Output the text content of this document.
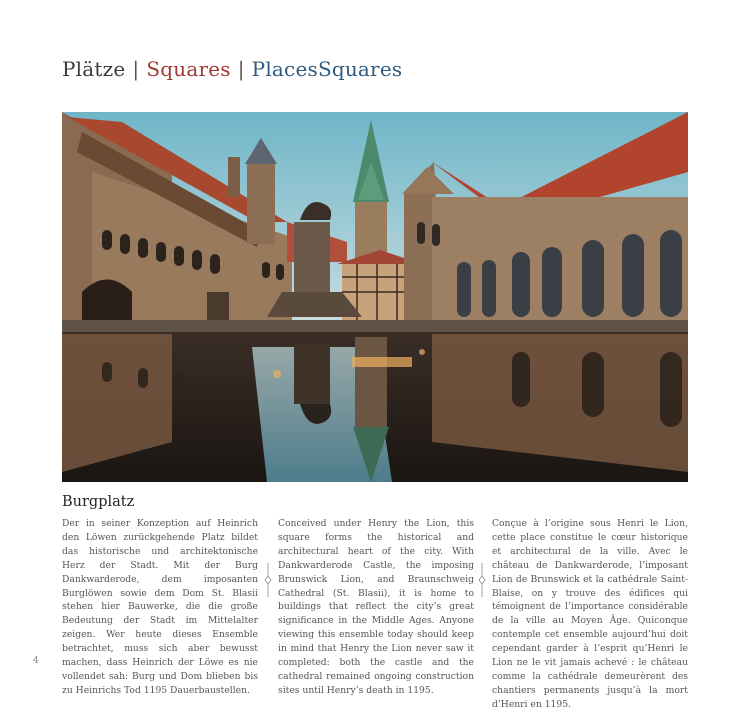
Plätze | Squares | PlacesSquares
Burgplatz

Der in seiner Konzeption auf Heinrich den Löwen zurückgehende Platz bildet das historische und architektonische Herz der Stadt. Mit der Burg Dankwarderode, dem imposanten Burglöwen sowie dem Dom St. Blasii stehen hier Bauwerke, die die große Bedeutung der Stadt im Mittelalter zeigen. Wer heute dieses Ensemble betrachtet, muss sich aber bewusst machen, dass Heinrich der Löwe es nie vollendet sah: Burg und Dom blieben bis zu Heinrichs Tod 1195 Dauerbaustellen.

Conceived under Henry the Lion, this square forms the historical and architectural heart of the city. With Dankwarderode Castle, the imposing Brunswick Lion, and Braunschweig Cathedral (St. Blasii), it is home to buildings that reflect the city’s great significance in the Middle Ages. Anyone viewing this ensemble today should keep in mind that Henry the Lion never saw it completed: both the castle and the cathedral remained ongoing construction sites until Henry’s death in 1195.

Conçue à l’origine sous Henri le Lion, cette place constitue le cœur historique et architectural de la ville. Avec le château de Dankwarderode, l’imposant Lion de Brunswick et la cathédrale Saint-Blaise, on y trouve des édifices qui témoignent de l’importance considérable de la ville au Moyen Âge. Quiconque contemple cet ensemble aujourd’hui doit cependant garder à l’esprit qu’Henri le Lion ne le vit jamais achevé : le château comme la cathédrale demeurèrent des chantiers permanents jusqu’à la mort d’Henri en 1195.

4
